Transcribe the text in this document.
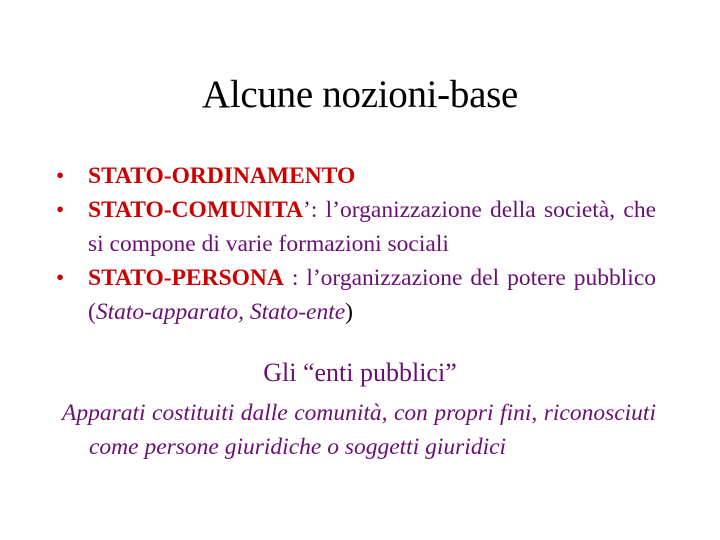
Alcune nozioni-base
• STATO-ORDINAMENTO
• STATO-COMUNITA’: l’organizzazione della società, che si compone di varie formazioni sociali
• STATO-PERSONA : l’organizzazione del potere pubblico (Stato-apparato, Stato-ente)
Gli “enti pubblici”
Apparati costituiti dalle comunità, con propri fini, riconosciuti come persone giuridiche o soggetti giuridici
